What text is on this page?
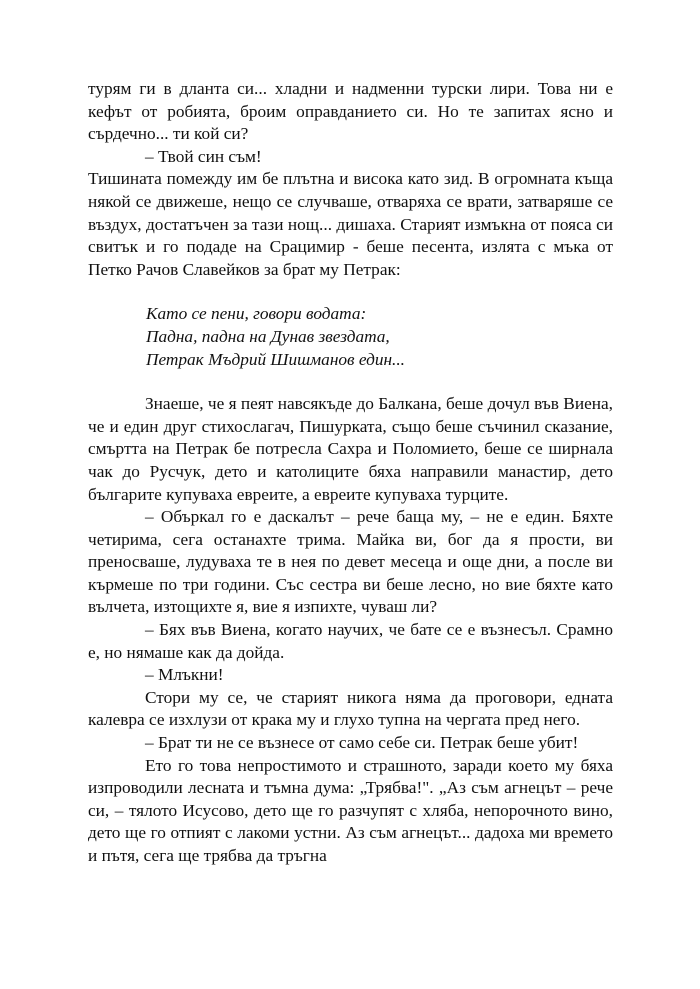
турям ги в дланта си... хладни и надменни турски лири. Това ни е кефът от робията, броим оправданието си. Но те запитах ясно и сърдечно... ти кой си?

– Твой син съм!

Тишината помежду им бе плътна и висока като зид. В огромната къща някой се движеше, нещо се случваше, отваряха се врати, затваряше се въздух, достатъчен за тази нощ... дишаха. Старият измъкна от пояса си свитък и го подаде на Срацимир - беше песента, излята с мъка от Петко Рачов Славейков за брат му Петрак:

Като се пени, говори водата:
Падна, падна на Дунав звездата,
Петрак Мъдрий Шишманов един...

Знаеше, че я пеят навсякъде до Балкана, беше дочул във Виена, че и един друг стихослагач, Пишурката, също беше съчинил сказание, смъртта на Петрак бе потресла Сахра и Поломието, беше се ширнала чак до Русчук, дето и католиците бяха направили манастир, дето българите купуваха евреите, а евреите купуваха турците.

– Объркал го е даскалът – рече баща му, – не е един. Бяхте четирима, сега останахте трима. Майка ви, бог да я прости, ви преносваше, лудуваха те в нея по девет месеца и още дни, а после ви кърмеше по три години. Със сестра ви беше лесно, но вие бяхте като вълчета, изтощихте я, вие я изпихте, чуваш ли?

– Бях във Виена, когато научих, че бате се е възнесъл. Срамно е, но нямаше как да дойда.

– Млъкни!

Стори му се, че старият никога няма да проговори, едната калевра се изхлузи от крака му и глухо тупна на чергата пред него.

– Брат ти не се възнесе от само себе си. Петрак беше убит!

Ето го това непростимото и страшното, заради което му бяха изпроводили лесната и тъмна дума: „Трябва!". „Аз съм агнецът – рече си, – тялото Исусово, дето ще го разчупят с хляба, непорочното вино, дето ще го отпият с лакоми устни. Аз съм агнецът... дадоха ми времето и пътя, сега ще трябва да тръгна
